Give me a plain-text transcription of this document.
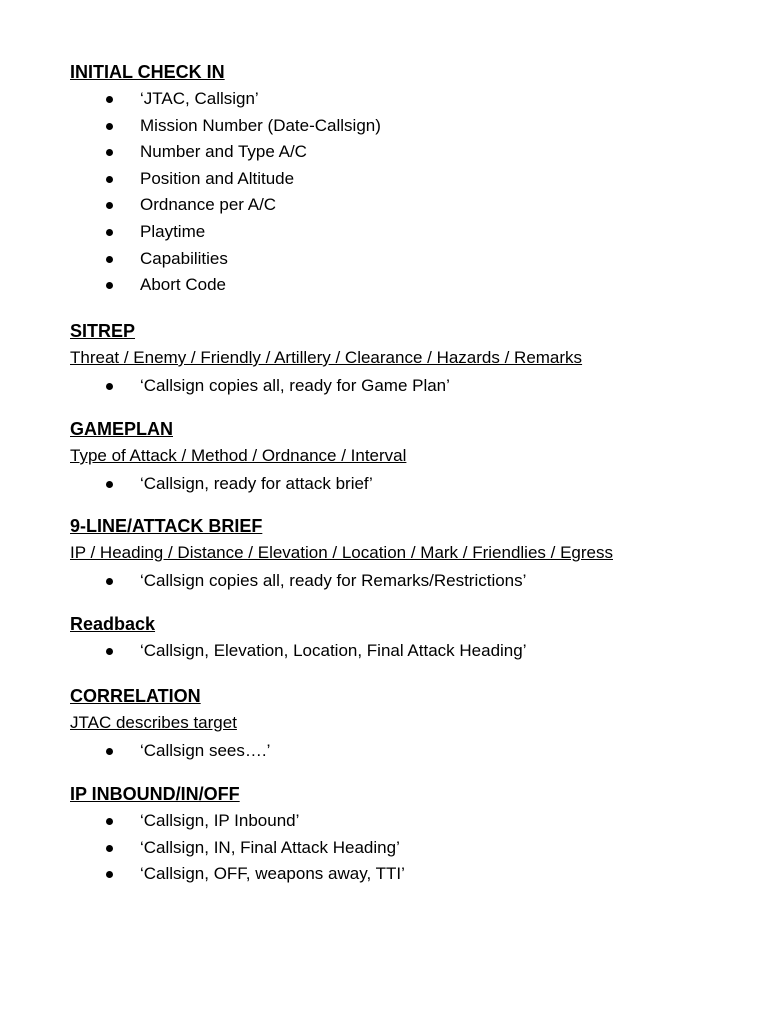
INITIAL CHECK IN
‘JTAC, Callsign’
Mission Number (Date-Callsign)
Number and Type A/C
Position and Altitude
Ordnance per A/C
Playtime
Capabilities
Abort Code
SITREP
Threat / Enemy / Friendly / Artillery / Clearance / Hazards / Remarks
‘Callsign copies all, ready for Game Plan’
GAMEPLAN
Type of Attack / Method / Ordnance / Interval
‘Callsign, ready for attack brief’
9-LINE/ATTACK BRIEF
IP / Heading / Distance / Elevation / Location / Mark / Friendlies / Egress
‘Callsign copies all, ready for Remarks/Restrictions’
Readback
‘Callsign, Elevation, Location, Final Attack Heading’
CORRELATION
JTAC describes target
‘Callsign sees….’
IP INBOUND/IN/OFF
‘Callsign, IP Inbound’
‘Callsign, IN, Final Attack Heading’
‘Callsign, OFF, weapons away, TTI’
